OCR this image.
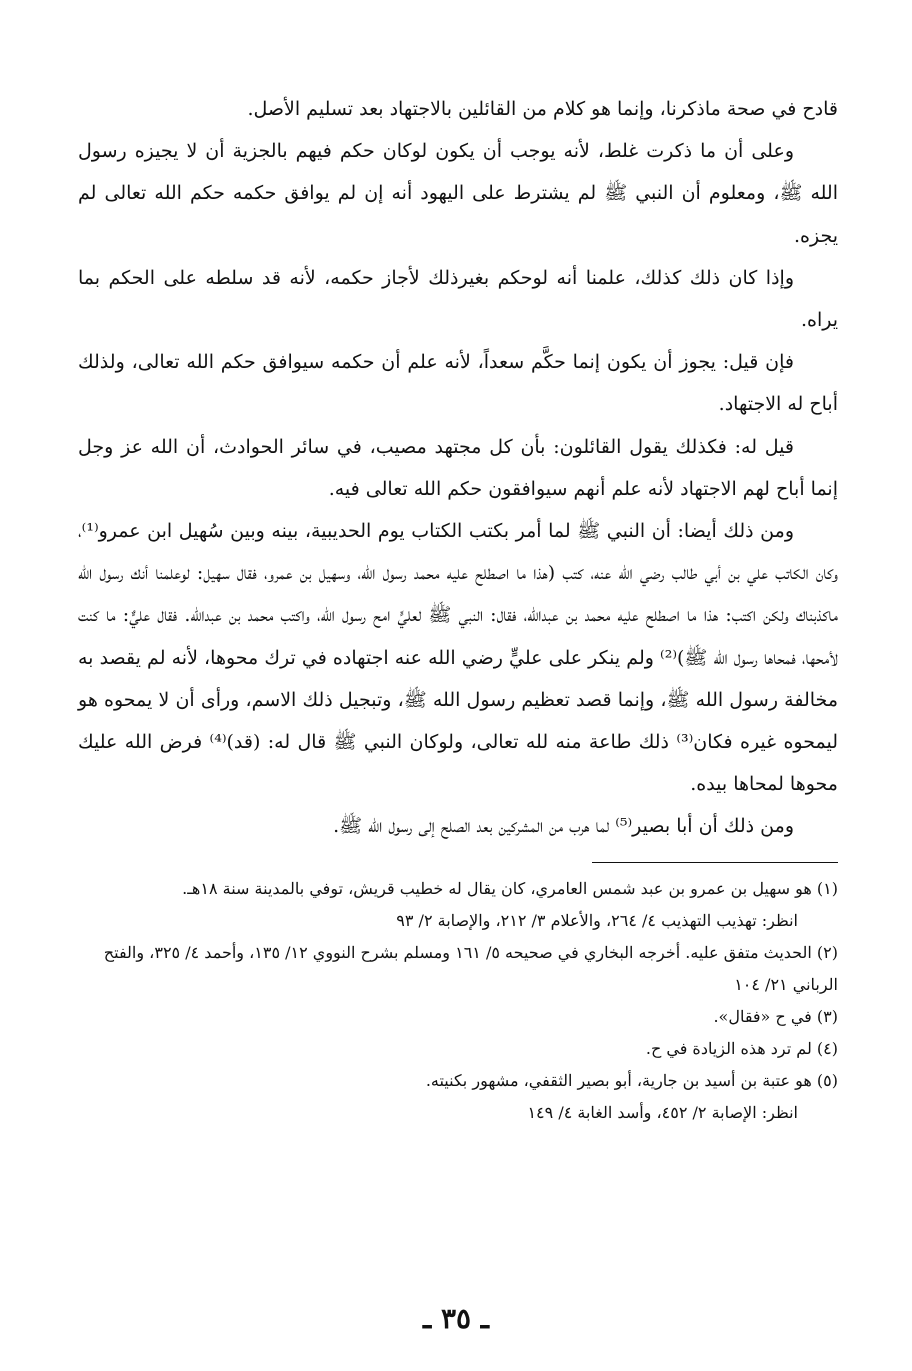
قادح في صحة ماذكرنا، وإنما هو كلام من القائلين بالاجتهاد بعد تسليم الأصل.

وعلى أن ما ذكرت غلط، لأنه يوجب أن يكون لوكان حكم فيهم بالجزية أن لا يجيزه رسول الله ﷺ، ومعلوم أن النبي ﷺ لم يشترط على اليهود أنه إن لم يوافق حكمه حكم الله تعالى لم يجزه.

وإذا كان ذلك كذلك، علمنا أنه لوحكم بغيرذلك لأجاز حكمه، لأنه قد سلطه على الحكم بما يراه.

فإن قيل: يجوز أن يكون إنما حكَّم سعداً، لأنه علم أن حكمه سيوافق حكم الله تعالى، ولذلك أباح له الاجتهاد.

قيل له: فكذلك يقول القائلون: بأن كل مجتهد مصيب، في سائر الحوادث، أن الله عز وجل إنما أباح لهم الاجتهاد لأنه علم أنهم سيوافقون حكم الله تعالى فيه.

ومن ذلك أيضا: أن النبي ﷺ لما أمر بكتب الكتاب يوم الحديبية، بينه وبين سُهيل ابن عمرو⁽¹⁾، وكان الكاتب علي بن أبي طالب رضي الله عنه، كتب (هذا ما اصطلح عليه محمد رسول الله، وسهيل بن عمرو، فقال سهيل: لوعلمنا أنك رسول الله ماكذبناك ولكن اكتب: هذا ما اصطلح عليه محمد بن عبدالله، فقال: النبي ﷺ لعليٍّ امح رسول الله، واكتب محمد بن عبدالله. فقال عليٌّ: ما كنت لأمحها، فمحاها رسول الله ﷺ)⁽²⁾ ولم ينكر على عليٍّ رضي الله عنه اجتهاده في ترك محوها، لأنه لم يقصد به مخالفة رسول الله ﷺ، وإنما قصد تعظيم رسول الله ﷺ، وتبجيل ذلك الاسم، ورأى أن لا يمحوه هو ليمحوه غيره فكان⁽³⁾ ذلك طاعة منه لله تعالى، ولوكان النبي ﷺ قال له: (قد)⁽⁴⁾ فرض الله عليك محوها لمحاها بيده.

ومن ذلك أن أبا بصير⁽⁵⁾ لما هرب من المشركين بعد الصلح إلى رسول الله ﷺ.

(١) هو سهيل بن عمرو بن عبد شمس العامري، كان يقال له خطيب قريش، توفي بالمدينة سنة ١٨هـ.

انظر: تهذيب التهذيب ٤/ ٢٦٤، والأعلام ٣/ ٢١٢، والإصابة ٢/ ٩٣

(٢) الحديث متفق عليه. أخرجه البخاري في صحيحه ٥/ ١٦١ ومسلم بشرح النووي ١٢/ ١٣٥، وأحمد ٤/ ٣٢٥، والفتح الرباني ٢١/ ١٠٤

(٣) في ح «فقال».

(٤) لم ترد هذه الزيادة في ح.

(٥) هو عتبة بن أسيد بن جارية، أبو بصير الثقفي، مشهور بكنيته.

انظر: الإصابة ٢/ ٤٥٢، وأسد الغابة ٤/ ١٤٩

ـ ٣٥ ـ
